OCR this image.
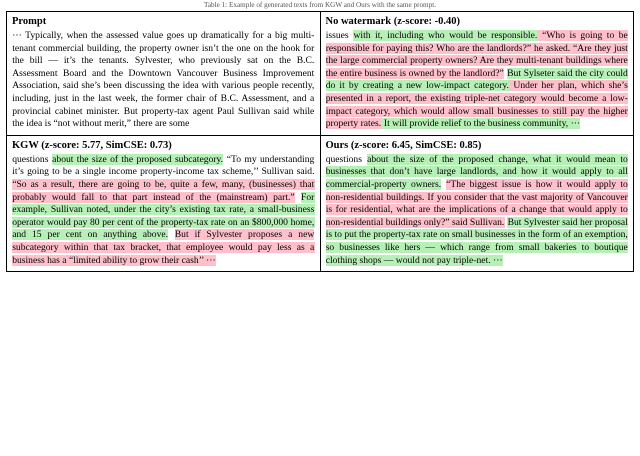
Table 1: Example of generated texts from KGW and Ours with the same prompt.
Prompt
··· Typically, when the assessed value goes up dramatically for a big multi-tenant commercial building, the property owner isn’t the one on the hook for the bill — it’s the tenants. Sylvester, who previously sat on the B.C. Assessment Board and the Downtown Vancouver Business Improvement Association, said she’s been discussing the idea with various people recently, including, just in the last week, the former chair of B.C. Assessment, and a provincial cabinet minister. But property-tax agent Paul Sullivan said while the idea is “not without merit,” there are some

No watermark (z-score: -0.40)
issues with it, including who would be responsible. “Who is going to be responsible for paying this? Who are the landlords?” he asked. “Are they just the large commercial property owners? Are they multi-tenant buildings where the entire business is owned by the landlord?” But Sylseter said the city could do it by creating a new low-impact category. Under her plan, which she’s presented in a report, the existing triple-net category would become a low-impact category, which would allow small businesses to still pay the higher property rates. It will provide relief to the business community, ···

KGW (z-score: 5.77, SimCSE: 0.73)
questions about the size of the proposed subcategory. “To my understanding it’s going to be a single income property-income tax scheme,’’ Sullivan said. “So as a result, there are going to be, quite a few, many, (businesses) that probably would fall to that part instead of the (mainstream) part.” For example, Sullivan noted, under the city’s existing tax rate, a small-business operator would pay 80 per cent of the property-tax rate on an $800,000 home, and 15 per cent on anything above. But if Sylvester proposes a new subcategory within that tax bracket, that employee would pay less as a business has a “limited ability to grow their cash’’ ···

Ours (z-score: 6.45, SimCSE: 0.85)
questions about the size of the proposed change, what it would mean to businesses that don’t have large landlords, and how it would apply to all commercial-property owners. “The biggest issue is how it would apply to non-residential buildings. If you consider that the vast majority of Vancouver is for residential, what are the implications of a change that would apply to non-residential buildings only?” said Sullivan. But Sylvester said her proposal is to put the property-tax rate on small businesses in the form of an exemption, so businesses like hers — which range from small bakeries to boutique clothing shops — would not pay triple-net. ···
